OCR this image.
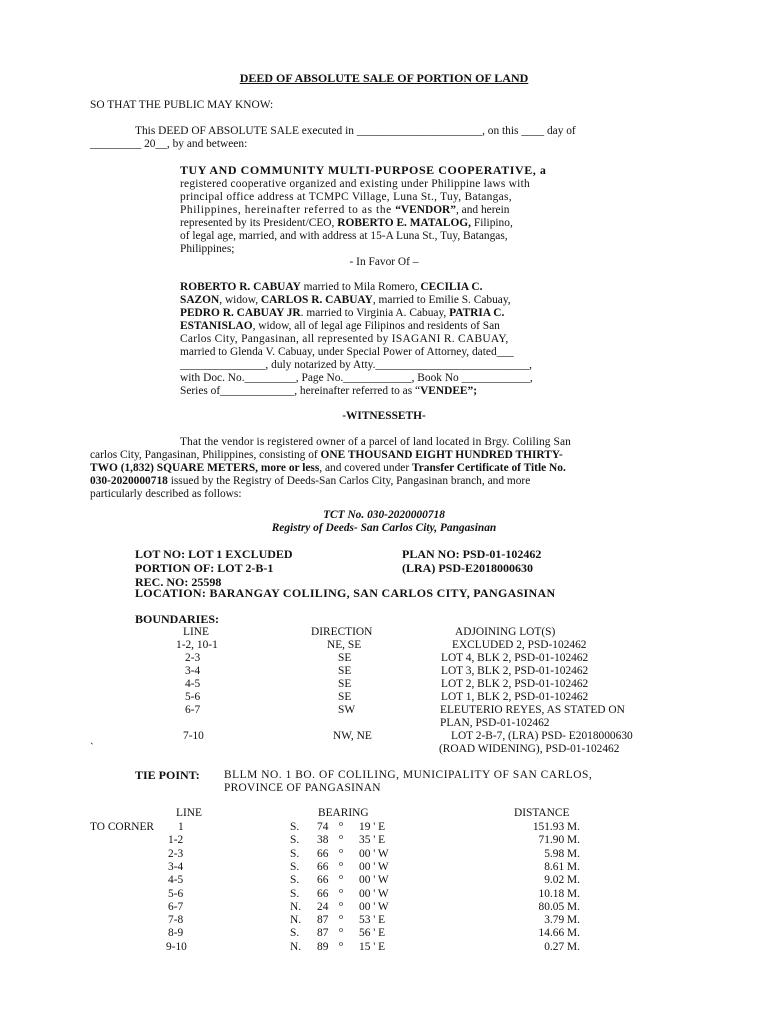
DEED OF ABSOLUTE SALE OF PORTION OF LAND
SO THAT THE PUBLIC MAY KNOW:
This DEED OF ABSOLUTE SALE executed in ______________________, on this ____ day of
_________ 20__, by and between:
TUY AND COMMUNITY MULTI-PURPOSE COOPERATIVE, a
registered cooperative organized and existing under Philippine laws with
principal office address at TCMPC Village, Luna St., Tuy, Batangas,
Philippines, hereinafter referred to as the “VENDOR”, and herein
represented by its President/CEO, ROBERTO E. MATALOG, Filipino,
of legal age, married, and with address at 15-A Luna St., Tuy, Batangas,
Philippines;
- In Favor Of –
ROBERTO R. CABUAY married to Mila Romero, CECILIA C.
SAZON, widow, CARLOS R. CABUAY, married to Emilie S. Cabuay,
PEDRO R. CABUAY JR. married to Virginia A. Cabuay, PATRIA C.
ESTANISLAO, widow, all of legal age Filipinos and residents of San
Carlos City, Pangasinan, all represented by ISAGANI R. CABUAY,
married to Glenda V. Cabuay, under Special Power of Attorney, dated___
_______________, duly notarized by Atty.___________________________,
with Doc. No._________, Page No.____________, Book No ____________,
Series of_____________, hereinafter referred to as “VENDEE”;
-WITNESSETH-
That the vendor is registered owner of a parcel of land located in Brgy. Coliling San
carlos City, Pangasinan, Philippines, consisting of ONE THOUSAND EIGHT HUNDRED THIRTY-
TWO (1,832) SQUARE METERS, more or less, and covered under Transfer Certificate of Title No.
030-2020000718 issued by the Registry of Deeds-San Carlos City, Pangasinan branch, and more
particularly described as follows:
TCT No. 030-2020000718
Registry of Deeds- San Carlos City, Pangasinan
LOT NO: LOT 1 EXCLUDED	PLAN NO: PSD-01-102462
PORTION OF: LOT 2-B-1	(LRA) PSD-E2018000630
REC. NO: 25598
LOCATION: BARANGAY COLILING, SAN CARLOS CITY, PANGASINAN
BOUNDARIES:
LINE	DIRECTION	ADJOINING LOT(S)
1-2, 10-1	NE, SE	EXCLUDED 2, PSD-102462
2-3	SE	LOT 4, BLK 2, PSD-01-102462
3-4	SE	LOT 3, BLK 2, PSD-01-102462
4-5	SE	LOT 2, BLK 2, PSD-01-102462
5-6	SE	LOT 1, BLK 2, PSD-01-102462
6-7	SW	ELEUTERIO REYES, AS STATED ON
PLAN, PSD-01-102462
7-10	NW, NE	LOT 2-B-7, (LRA) PSD- E2018000630
(ROAD WIDENING), PSD-01-102462
`
TIE POINT: BLLM NO. 1 BO. OF COLILING, MUNICIPALITY OF SAN CARLOS,
PROVINCE OF PANGASINAN
LINE	BEARING	DISTANCE
TO CORNER 1	S. 74 o 19 ' E	151.93 M.
1-2	S. 38 o 35 ' E	71.90 M.
2-3	S. 66 o 00 ' W	5.98 M.
3-4	S. 66 o 00 ' W	8.61 M.
4-5	S. 66 o 00 ' W	9.02 M.
5-6	S. 66 o 00 ' W	10.18 M.
6-7	N. 24 o 00 ' W	80.05 M.
7-8	N. 87 o 53 ' E	3.79 M.
8-9	S. 87 o 56 ' E	14.66 M.
9-10	N. 89 o 15 ' E	0.27 M.
